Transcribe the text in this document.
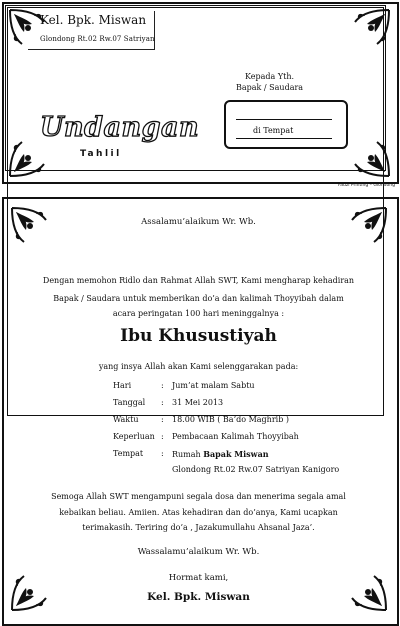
Kel. Bpk. Miswan
Glondong Rt.02 Rw.07 Satriyan
Kepada Yth.
Bapak / Saudara
di Tempat
Undangan
Tahlil
Fauzi Printing – Glondong
Assalamu’alaikum Wr. Wb.
Dengan memohon Ridlo dan Rahmat Allah SWT, Kami mengharap kehadiran
Bapak / Saudara untuk memberikan do’a dan kalimah Thoyyibah dalam
acara peringatan 100 hari meninggalnya :
Ibu Khusustiyah
yang insya Allah akan Kami selenggarakan pada:
Hari	: Jum’at malam Sabtu
Tanggal : 31 Mei 2013
Waktu	: 18.00 WIB ( Ba’do Maghrib )
Keperluan : Pembacaan Kalimah Thoyyibah
Tempat : Rumah Bapak Miswan
Glondong Rt.02 Rw.07 Satriyan Kanigoro
Semoga Allah SWT mengampuni segala dosa dan menerima segala amal
kebaikan beliau. Amiien. Atas kehadiran dan do’anya, Kami ucapkan
terimakasih. Teriring do’a , Jazakumullahu Ahsanal Jaza’.
Wassalamu’alaikum Wr. Wb.
Hormat kami,
Kel. Bpk. Miswan
